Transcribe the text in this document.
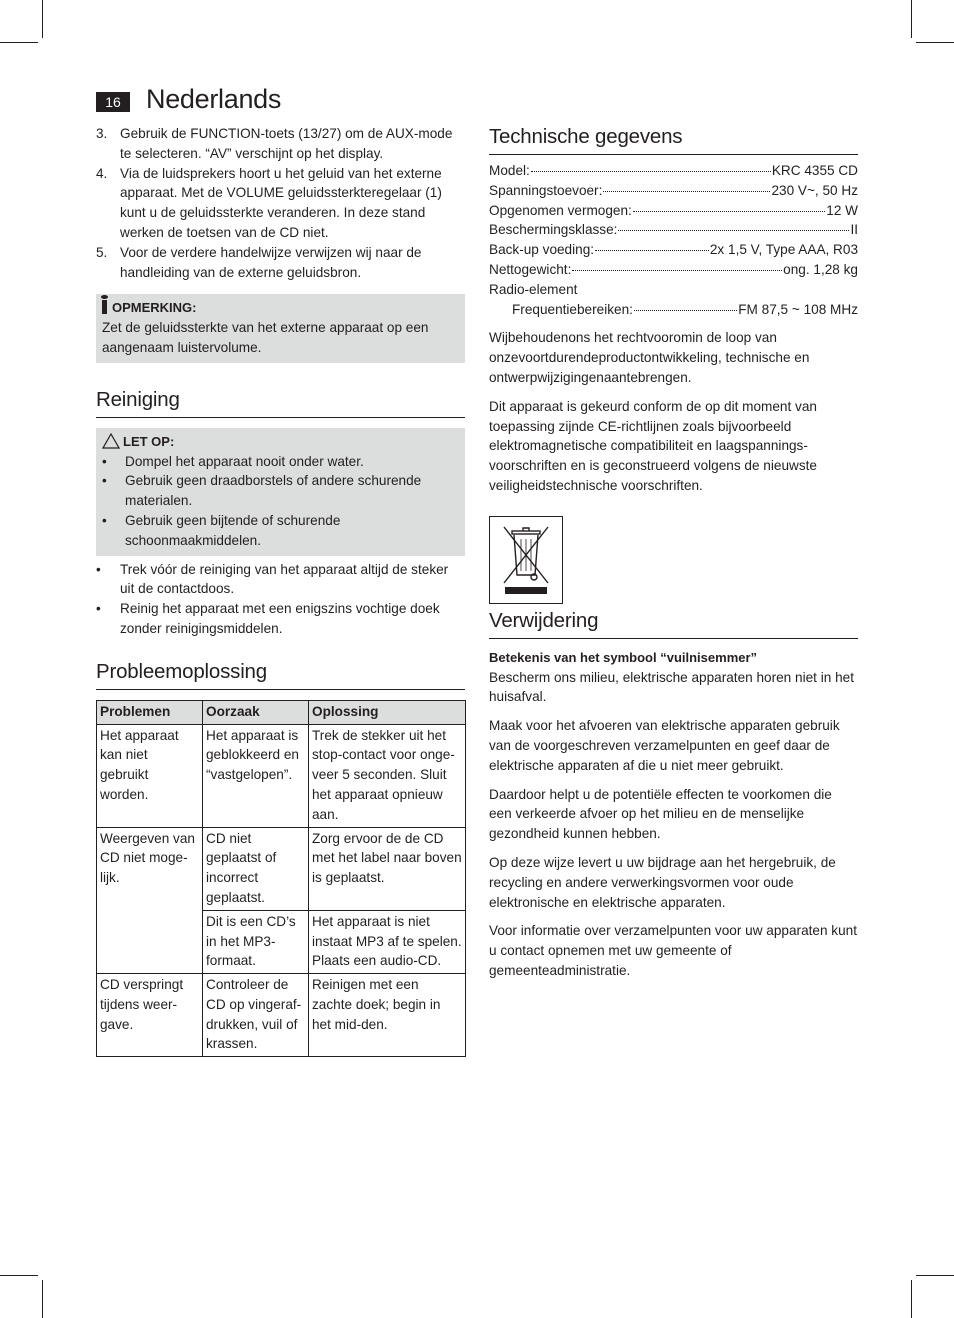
16 Nederlands
3. Gebruik de FUNCTION-toets (13/27) om de AUX-mode te selecteren. “AV” verschijnt op het display.
4. Via de luidsprekers hoort u het geluid van het externe apparaat. Met de VOLUME geluidssterkteregelaar (1) kunt u de geluidssterkte veranderen. In deze stand werken de toetsen van de CD niet.
5. Voor de verdere handelwijze verwijzen wij naar de handleiding van de externe geluidsbron.
OPMERKING:

Zet de geluidssterkte van het externe apparaat op een aangenaam luistervolume.

Reiniging
LET OP:
• Dompel het apparaat nooit onder water.
• Gebruik geen draadborstels of andere schurende materialen.
• Gebruik geen bijtende of schurende schoonmaakmiddelen.
• Trek vóór de reiniging van het apparaat altijd de steker uit de contactdoos.
• Reinig het apparaat met een enigszins vochtige doek zonder reinigingsmiddelen.
Probleemoplossing
Problemen	Oorzaak	Oplossing
Het apparaat kan niet gebruikt worden.	Het apparaat is geblokkeerd en “vastgelopen”.	Trek de stekker uit het stop-contact voor onge-veer 5 seconden. Sluit het apparaat opnieuw aan.
Weergeven van CD niet moge-lijk.	CD niet geplaatst of incorrect geplaatst.	Zorg ervoor de de CD met het label naar boven is geplaatst.
	Dit is een CD’s in het MP3-formaat.	Het apparaat is niet instaat MP3 af te spelen. Plaats een audio-CD.
CD verspringt tijdens weer-gave.	Controleer de CD op vingeraf-drukken, vuil of krassen.	Reinigen met een zachte doek; begin in het mid-den.
Technische gegevens
Model:	KRC 4355 CD
Spanningstoevoer:	230 V~, 50 Hz
Opgenomen vermogen:	12 W
Beschermingsklasse:	II
Back-up voeding:	2x 1,5 V, Type AAA, R03
Nettogewicht:	ong. 1,28 kg
Radio-element
Frequentiebereiken:	FM 87,5 ~ 108 MHz

Wijbehoudenons het rechtvooromin de loop van onzevoortdurendeproductontwikkeling, technische en ontwerpwijzigingenaantebrengen.

Dit apparaat is gekeurd conform de op dit moment van toepassing zijnde CE-richtlijnen zoals bijvoorbeeld elektromagnetische compatibiliteit en laagspannings-voorschriften en is geconstrueerd volgens de nieuwste veiligheidstechnische voorschriften.

Verwijdering

Betekenis van het symbool “vuilnisemmer”

Bescherm ons milieu, elektrische apparaten horen niet in het huisafval.

Maak voor het afvoeren van elektrische apparaten gebruik van de voorgeschreven verzamelpunten en geef daar de elektrische apparaten af die u niet meer gebruikt.

Daardoor helpt u de potentiële effecten te voorkomen die een verkeerde afvoer op het milieu en de menselijke gezondheid kunnen hebben.

Op deze wijze levert u uw bijdrage aan het hergebruik, de recycling en andere verwerkingsvormen voor oude elektronische en elektrische apparaten.

Voor informatie over verzamelpunten voor uw apparaten kunt u contact opnemen met uw gemeente of gemeenteadministratie.
